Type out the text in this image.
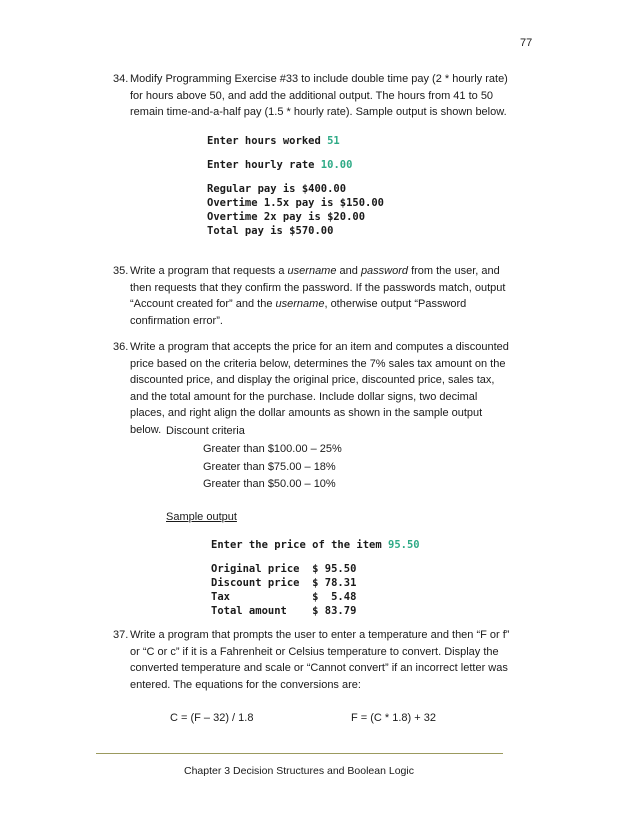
77
34. Modify Programming Exercise #33 to include double time pay (2 * hourly rate) for hours above 50, and add the additional output. The hours from 41 to 50 remain time-and-a-half pay (1.5 * hourly rate). Sample output is shown below.
Enter hours worked 51
Enter hourly rate 10.00
Regular pay is $400.00
Overtime 1.5x pay is $150.00
Overtime 2x pay is $20.00
Total pay is $570.00
35. Write a program that requests a username and password from the user, and then requests that they confirm the password. If the passwords match, output “Account created for” and the username, otherwise output “Password confirmation error”.
36. Write a program that accepts the price for an item and computes a discounted price based on the criteria below, determines the 7% sales tax amount on the discounted price, and display the original price, discounted price, sales tax, and the total amount for the purchase. Include dollar signs, two decimal places, and right align the dollar amounts as shown in the sample output below. Discount criteria
Greater than $100.00 – 25%
Greater than $75.00 – 18%
Greater than $50.00 – 10%
Sample output
Enter the price of the item 95.50
Original price  $ 95.50
Discount price  $ 78.31
Tax             $  5.48
Total amount    $ 83.79
37. Write a program that prompts the user to enter a temperature and then “F or f” or “C or c” if it is a Fahrenheit or Celsius temperature to convert. Display the converted temperature and scale or “Cannot convert” if an incorrect letter was entered. The equations for the conversions are:
C = (F – 32) / 1.8	F = (C * 1.8) + 32
Chapter 3 Decision Structures and Boolean Logic
